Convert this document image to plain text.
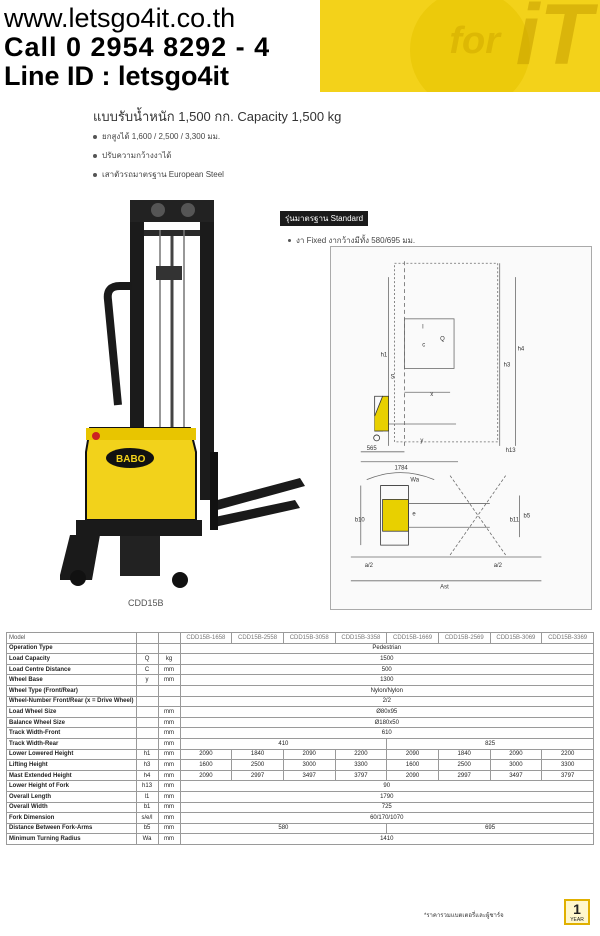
for iT
www.letsgo4it.co.th
Call 0 2954 8292 - 4
Line ID : letsgo4it
แบบรับน้ำหนัก 1,500 กก. Capacity 1,500 kg
ยกสูงได้ 1,600 / 2,500 / 3,300 มม.
ปรับความกว้างงาได้
เสาตัวรถมาตรฐาน European Steel
BABO
CDD15B
รุ่นมาตรฐาน Standard
งา Fixed งากว้างมีทั้ง 580/695 มม.
h1
h3
h4
h13
S
l
c
Q
x
y
565
1784
Wa
b10
b5
b11
e
a/2	a/2
Ast
Model			CDD15B-1658	CDD15B-2558	CDD15B-3058	CDD15B-3358	CDD15B-1669	CDD15B-2569	CDD15B-3069	CDD15B-3369
Operation Type			Pedestrian							
Load Capacity	Q	kg	1500							
Load Centre Distance	C	mm	500							
Wheel Base	y	mm	1300							
Wheel Type (Front/Rear)			Nylon/Nylon							
Wheel-Number Front/Rear (x = Drive Wheel)			2/2							
Load Wheel Size		mm	Ø80x95							
Balance Wheel Size		mm	Ø180x50							
Track Width-Front		mm	610							
Track Width-Rear		mm	410				825			
Lower Lowered Height	h1	mm	2090	1840	2090	2200	2090	1840	2090	2200
Lifting Height	h3	mm	1600	2500	3000	3300	1600	2500	3000	3300
Mast Extended Height	h4	mm	2090	2997	3497	3797	2090	2997	3497	3797
Lower Height of Fork	h13	mm	90							
Overall Length	l1	mm	1790							
Overall Width	b1	mm	725							
Fork Dimension	s/e/l	mm	60/170/1070							
Distance Between Fork-Arms	b5	mm	580				695			
Minimum Turning Radius	Wa	mm	1410							
*ราคารวมแบตเตอรี่และผู้ชาร์จ	1
YEAR
